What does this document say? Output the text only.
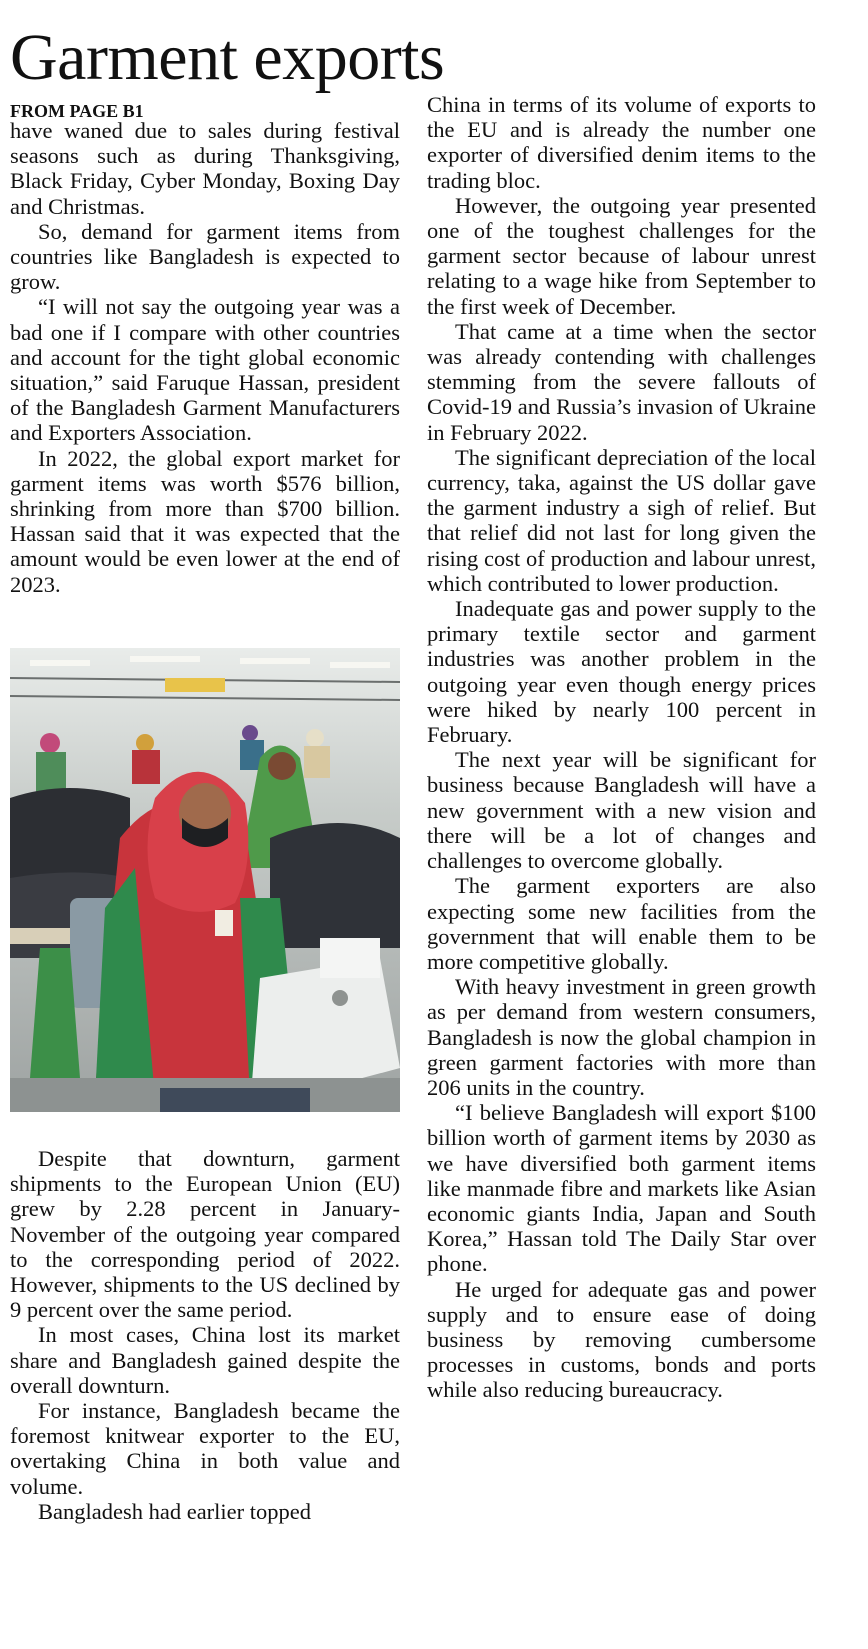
Garment exports
FROM PAGE B1

have waned due to sales during festival seasons such as during Thanksgiving, Black Friday, Cyber Monday, Boxing Day and Christmas.

So, demand for garment items from countries like Bangladesh is expected to grow.

“I will not say the outgoing year was a bad one if I compare with other countries and account for the tight global economic situation,” said Faruque Hassan, president of the Bangladesh Garment Manufacturers and Exporters Association.

In 2022, the global export market for garment items was worth $576 billion, shrinking from more than $700 billion. Hassan said that it was expected that the amount would be even lower at the end of 2023.

Despite that downturn, garment shipments to the European Union (EU) grew by 2.28 percent in January-November of the outgoing year compared to the corresponding period of 2022. However, shipments to the US declined by 9 percent over the same period.

In most cases, China lost its market share and Bangladesh gained despite the overall downturn.

For instance, Bangladesh became the foremost knitwear exporter to the EU, overtaking China in both value and volume.

Bangladesh had earlier topped

China in terms of its volume of exports to the EU and is already the number one exporter of diversified denim items to the trading bloc.

However, the outgoing year presented one of the toughest challenges for the garment sector because of labour unrest relating to a wage hike from September to the first week of December.

That came at a time when the sector was already contending with challenges stemming from the severe fallouts of Covid-19 and Russia’s invasion of Ukraine in February 2022.

The significant depreciation of the local currency, taka, against the US dollar gave the garment industry a sigh of relief. But that relief did not last for long given the rising cost of production and labour unrest, which contributed to lower production.

Inadequate gas and power supply to the primary textile sector and garment industries was another problem in the outgoing year even though energy prices were hiked by nearly 100 percent in February.

The next year will be significant for business because Bangladesh will have a new government with a new vision and there will be a lot of changes and challenges to overcome globally.

The garment exporters are also expecting some new facilities from the government that will enable them to be more competitive globally.

With heavy investment in green growth as per demand from western consumers, Bangladesh is now the global champion in green garment factories with more than 206 units in the country.

“I believe Bangladesh will export $100 billion worth of garment items by 2030 as we have diversified both garment items like manmade fibre and markets like Asian economic giants India, Japan and South Korea,” Hassan told The Daily Star over phone.

He urged for adequate gas and power supply and to ensure ease of doing business by removing cumbersome processes in customs, bonds and ports while also reducing bureaucracy.
